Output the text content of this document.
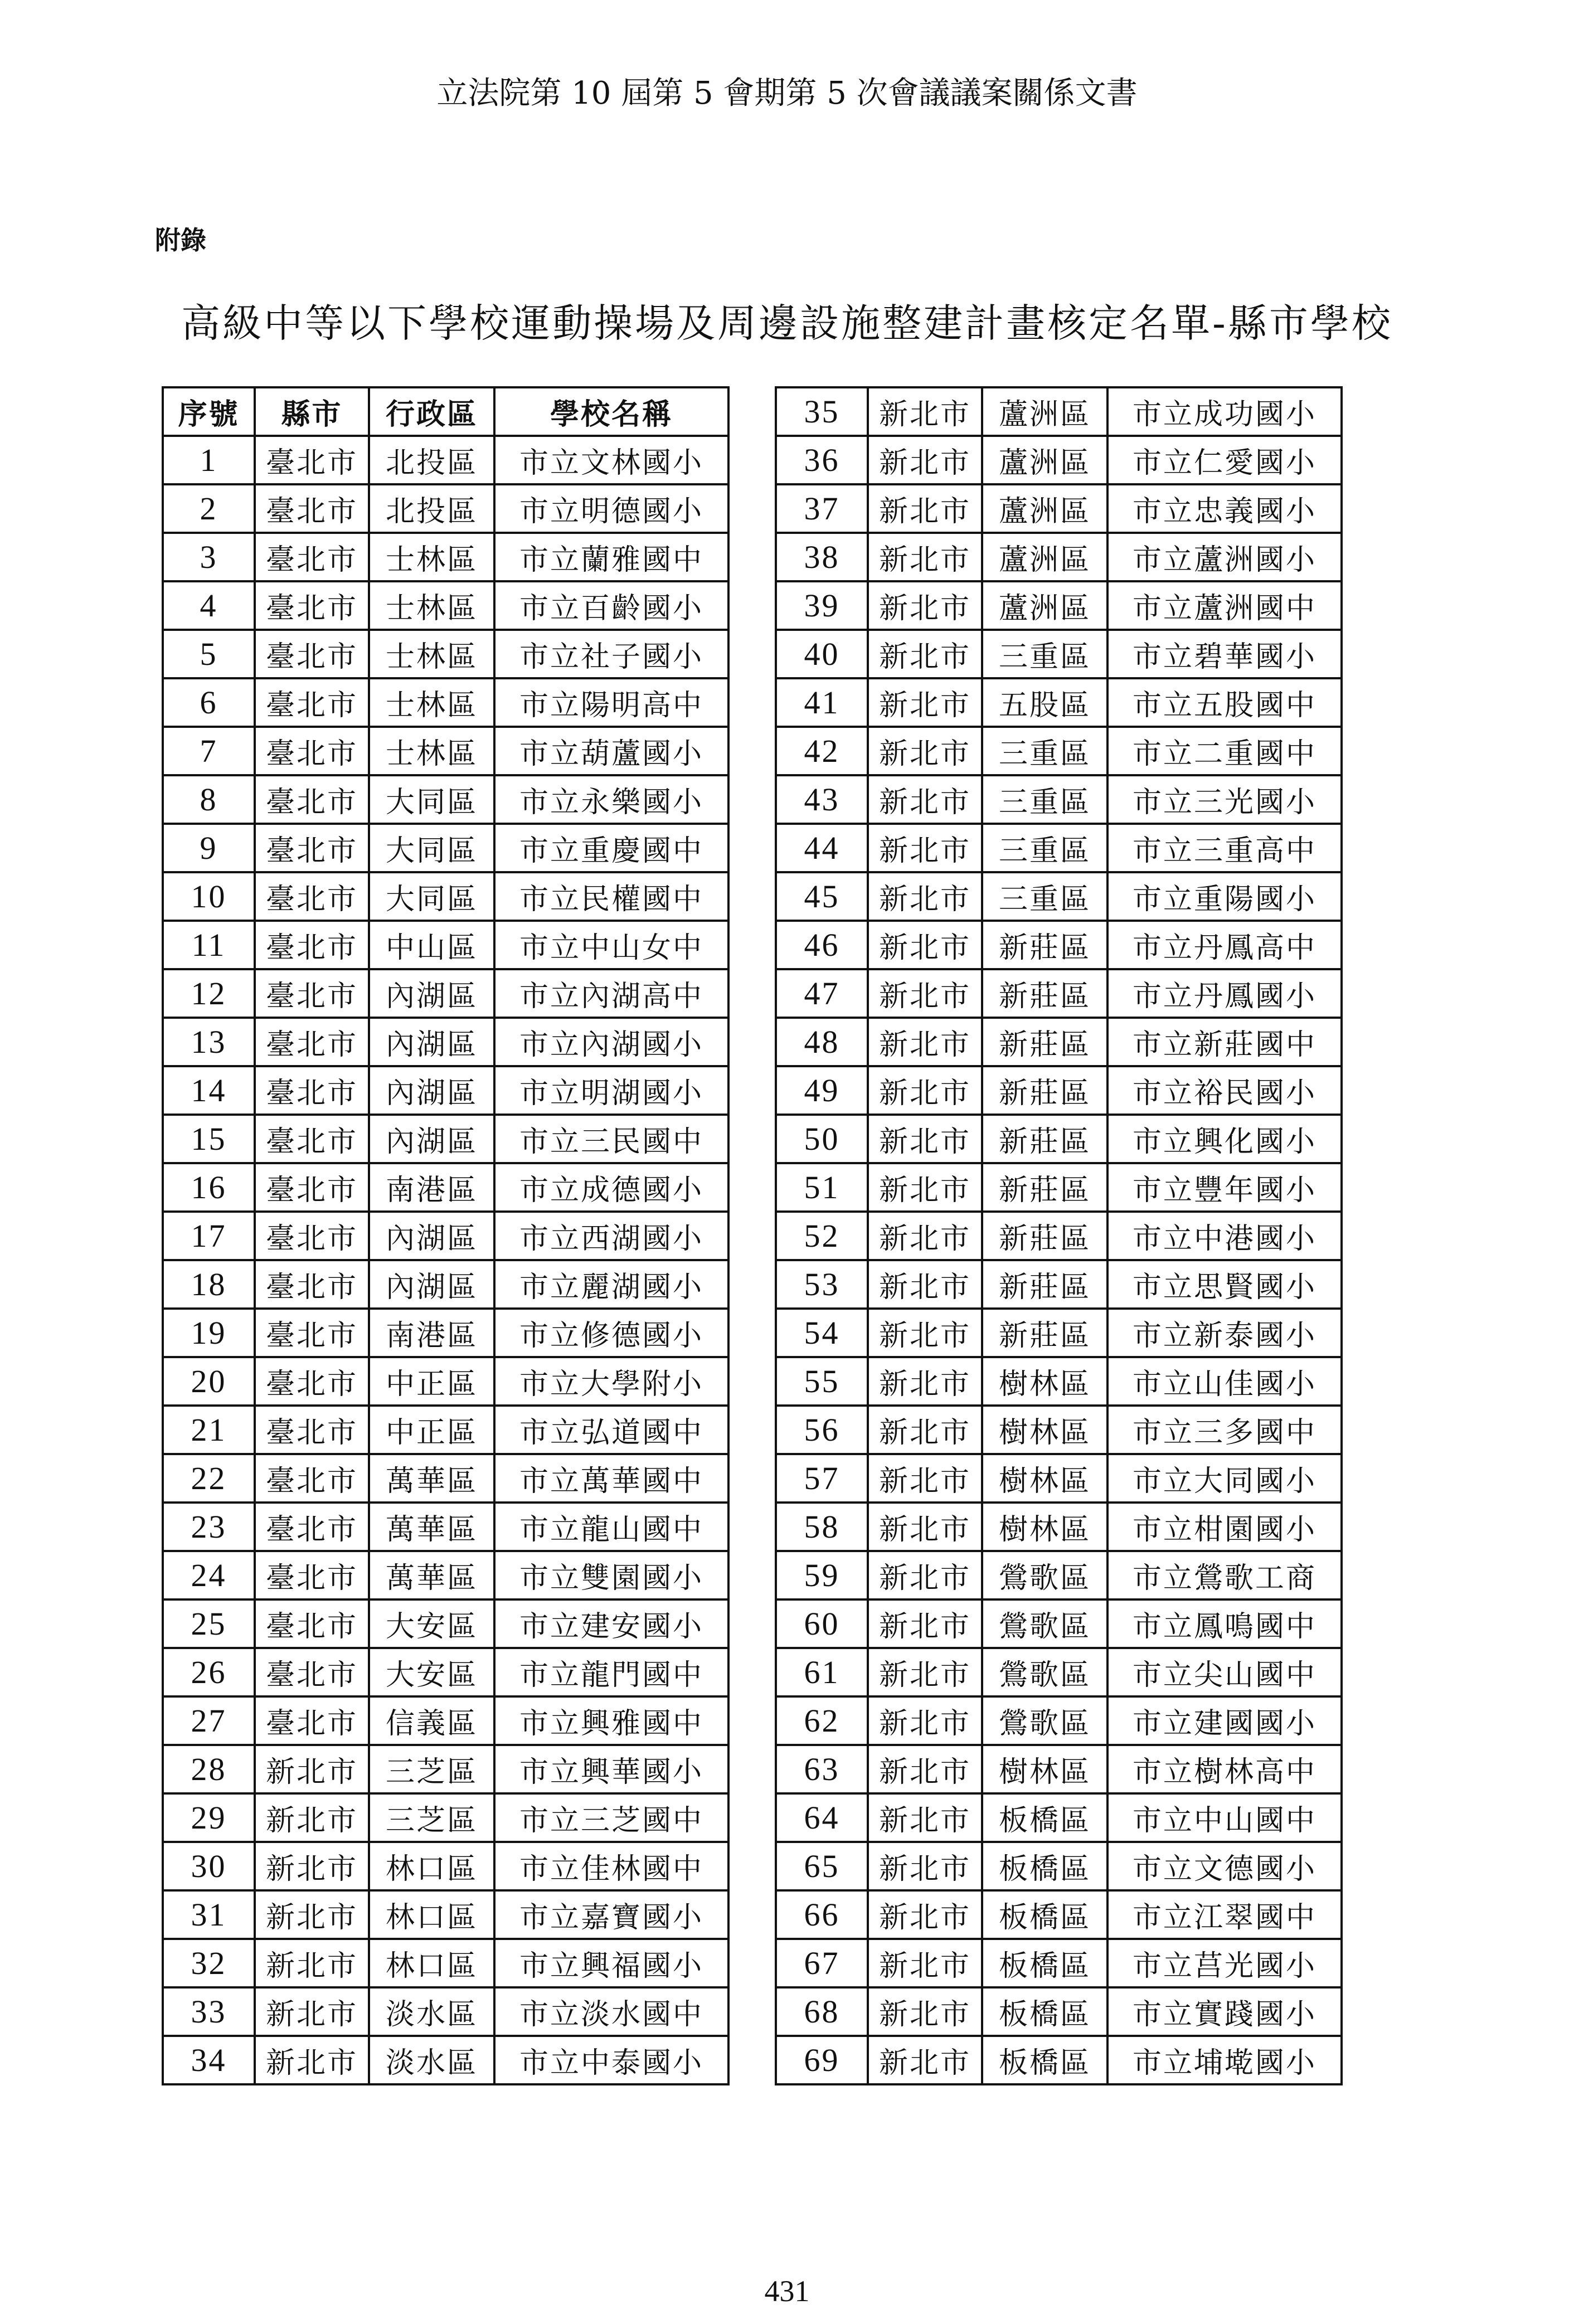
立法院第 10 屆第 5 會期第 5 次會議議案關係文書
附錄
高級中等以下學校運動操場及周邊設施整建計畫核定名單-縣市學校
序號	縣市	行政區	學校名稱
1	臺北市	北投區	市立文林國小
2	臺北市	北投區	市立明德國小
3	臺北市	士林區	市立蘭雅國中
4	臺北市	士林區	市立百齡國小
5	臺北市	士林區	市立社子國小
6	臺北市	士林區	市立陽明高中
7	臺北市	士林區	市立葫蘆國小
8	臺北市	大同區	市立永樂國小
9	臺北市	大同區	市立重慶國中
10	臺北市	大同區	市立民權國中
11	臺北市	中山區	市立中山女中
12	臺北市	內湖區	市立內湖高中
13	臺北市	內湖區	市立內湖國小
14	臺北市	內湖區	市立明湖國小
15	臺北市	內湖區	市立三民國中
16	臺北市	南港區	市立成德國小
17	臺北市	內湖區	市立西湖國小
18	臺北市	內湖區	市立麗湖國小
19	臺北市	南港區	市立修德國小
20	臺北市	中正區	市立大學附小
21	臺北市	中正區	市立弘道國中
22	臺北市	萬華區	市立萬華國中
23	臺北市	萬華區	市立龍山國中
24	臺北市	萬華區	市立雙園國小
25	臺北市	大安區	市立建安國小
26	臺北市	大安區	市立龍門國中
27	臺北市	信義區	市立興雅國中
28	新北市	三芝區	市立興華國小
29	新北市	三芝區	市立三芝國中
30	新北市	林口區	市立佳林國中
31	新北市	林口區	市立嘉寶國小
32	新北市	林口區	市立興福國小
33	新北市	淡水區	市立淡水國中
34	新北市	淡水區	市立中泰國小
35	新北市	蘆洲區	市立成功國小
36	新北市	蘆洲區	市立仁愛國小
37	新北市	蘆洲區	市立忠義國小
38	新北市	蘆洲區	市立蘆洲國小
39	新北市	蘆洲區	市立蘆洲國中
40	新北市	三重區	市立碧華國小
41	新北市	五股區	市立五股國中
42	新北市	三重區	市立二重國中
43	新北市	三重區	市立三光國小
44	新北市	三重區	市立三重高中
45	新北市	三重區	市立重陽國小
46	新北市	新莊區	市立丹鳳高中
47	新北市	新莊區	市立丹鳳國小
48	新北市	新莊區	市立新莊國中
49	新北市	新莊區	市立裕民國小
50	新北市	新莊區	市立興化國小
51	新北市	新莊區	市立豐年國小
52	新北市	新莊區	市立中港國小
53	新北市	新莊區	市立思賢國小
54	新北市	新莊區	市立新泰國小
55	新北市	樹林區	市立山佳國小
56	新北市	樹林區	市立三多國中
57	新北市	樹林區	市立大同國小
58	新北市	樹林區	市立柑園國小
59	新北市	鶯歌區	市立鶯歌工商
60	新北市	鶯歌區	市立鳳鳴國中
61	新北市	鶯歌區	市立尖山國中
62	新北市	鶯歌區	市立建國國小
63	新北市	樹林區	市立樹林高中
64	新北市	板橋區	市立中山國中
65	新北市	板橋區	市立文德國小
66	新北市	板橋區	市立江翠國中
67	新北市	板橋區	市立莒光國小
68	新北市	板橋區	市立實踐國小
69	新北市	板橋區	市立埔墘國小
431
